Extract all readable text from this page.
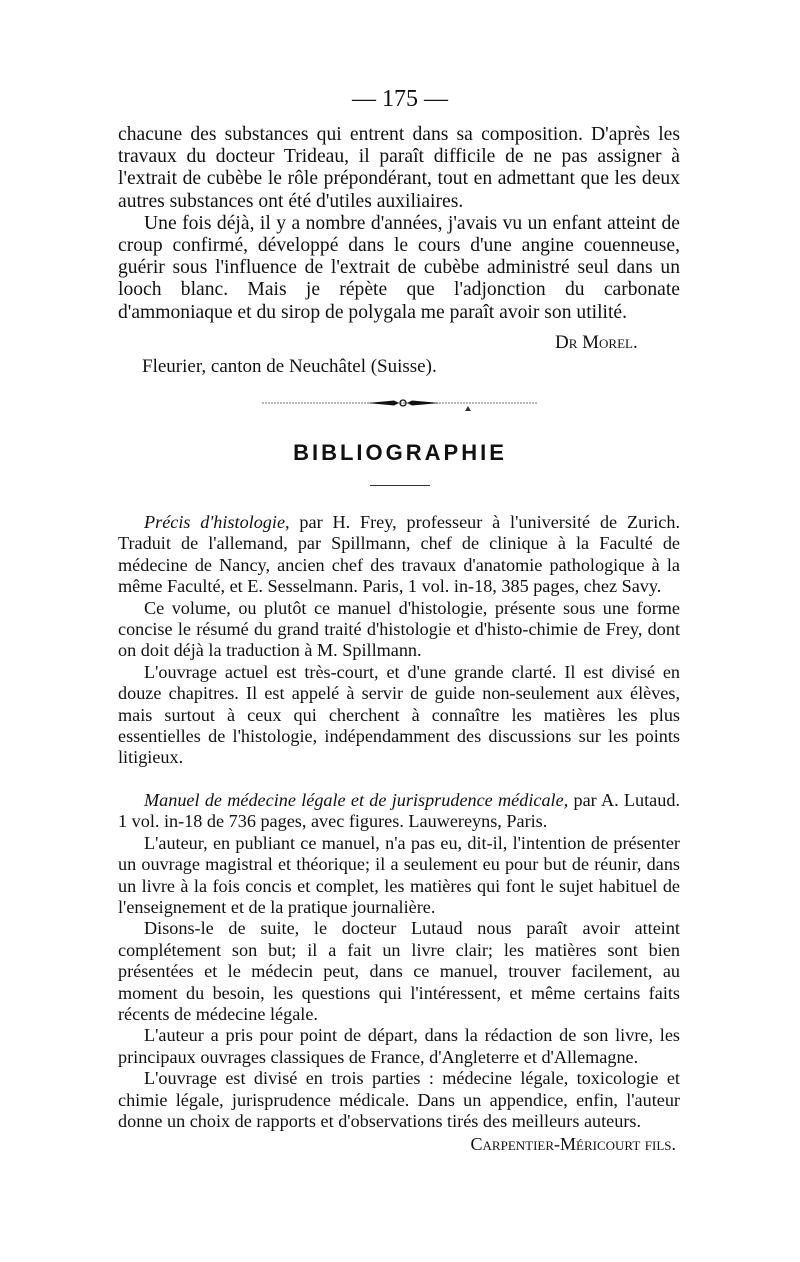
— 175 —

chacune des substances qui entrent dans sa composition. D'après les travaux du docteur Trideau, il paraît difficile de ne pas assigner à l'extrait de cubèbe le rôle prépondérant, tout en admettant que les deux autres substances ont été d'utiles auxiliaires.

Une fois déjà, il y a nombre d'années, j'avais vu un enfant atteint de croup confirmé, développé dans le cours d'une angine couenneuse, guérir sous l'influence de l'extrait de cubèbe administré seul dans un looch blanc. Mais je répète que l'adjonction du carbonate d'ammoniaque et du sirop de polygala me paraît avoir son utilité.

Dr Morel.
Fleurier, canton de Neuchâtel (Suisse).
BIBLIOGRAPHIE

Précis d'histologie, par H. Frey, professeur à l'université de Zurich. Traduit de l'allemand, par Spillmann, chef de clinique à la Faculté de médecine de Nancy, ancien chef des travaux d'anatomie pathologique à la même Faculté, et E. Sesselmann. Paris, 1 vol. in-18, 385 pages, chez Savy.

Ce volume, ou plutôt ce manuel d'histologie, présente sous une forme concise le résumé du grand traité d'histologie et d'histo-chimie de Frey, dont on doit déjà la traduction à M. Spillmann.

L'ouvrage actuel est très-court, et d'une grande clarté. Il est divisé en douze chapitres. Il est appelé à servir de guide non-seulement aux élèves, mais surtout à ceux qui cherchent à connaître les matières les plus essentielles de l'histologie, indépendamment des discussions sur les points litigieux.

Manuel de médecine légale et de jurisprudence médicale, par A. Lutaud. 1 vol. in-18 de 736 pages, avec figures. Lauwereyns, Paris.

L'auteur, en publiant ce manuel, n'a pas eu, dit-il, l'intention de présenter un ouvrage magistral et théorique; il a seulement eu pour but de réunir, dans un livre à la fois concis et complet, les matières qui font le sujet habituel de l'enseignement et de la pratique journalière.

Disons-le de suite, le docteur Lutaud nous paraît avoir atteint complétement son but; il a fait un livre clair; les matières sont bien présentées et le médecin peut, dans ce manuel, trouver facilement, au moment du besoin, les questions qui l'intéressent, et même certains faits récents de médecine légale.

L'auteur a pris pour point de départ, dans la rédaction de son livre, les principaux ouvrages classiques de France, d'Angleterre et d'Allemagne.

L'ouvrage est divisé en trois parties : médecine légale, toxicologie et chimie légale, jurisprudence médicale. Dans un appendice, enfin, l'auteur donne un choix de rapports et d'observations tirés des meilleurs auteurs.

Carpentier-Méricourt fils.
